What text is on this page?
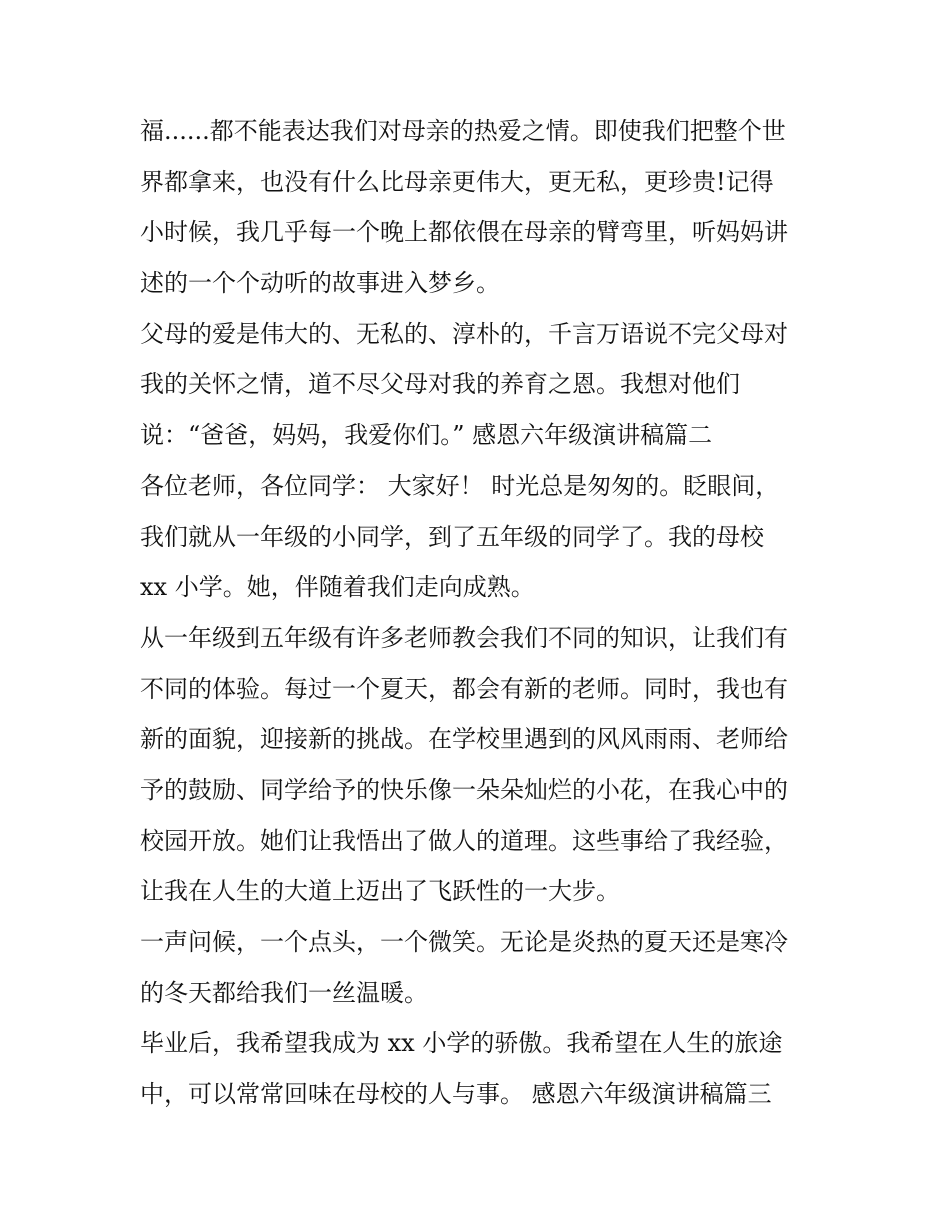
福......都不能表达我们对母亲的热爱之情。即使我们把整个世
界都拿来，也没有什么比母亲更伟大，更无私，更珍贵!记得
小时候，我几乎每一个晚上都依偎在母亲的臂弯里，听妈妈讲
述的一个个动听的故事进入梦乡。
父母的爱是伟大的、无私的、淳朴的，千言万语说不完父母对
我的关怀之情，道不尽父母对我的养育之恩。我想对他们
说：“爸爸，妈妈，我爱你们。” 感恩六年级演讲稿篇二
各位老师，各位同学： 大家好！ 时光总是匆匆的。眨眼间，
我们就从一年级的小同学，到了五年级的同学了。我的母校
xx 小学。她，伴随着我们走向成熟。
从一年级到五年级有许多老师教会我们不同的知识，让我们有
不同的体验。每过一个夏天，都会有新的老师。同时，我也有
新的面貌，迎接新的挑战。在学校里遇到的风风雨雨、老师给
予的鼓励、同学给予的快乐像一朵朵灿烂的小花，在我心中的
校园开放。她们让我悟出了做人的道理。这些事给了我经验，
让我在人生的大道上迈出了飞跃性的一大步。
一声问候，一个点头，一个微笑。无论是炎热的夏天还是寒冷
的冬天都给我们一丝温暖。
毕业后，我希望我成为 xx 小学的骄傲。我希望在人生的旅途
中，可以常常回味在母校的人与事。 感恩六年级演讲稿篇三
